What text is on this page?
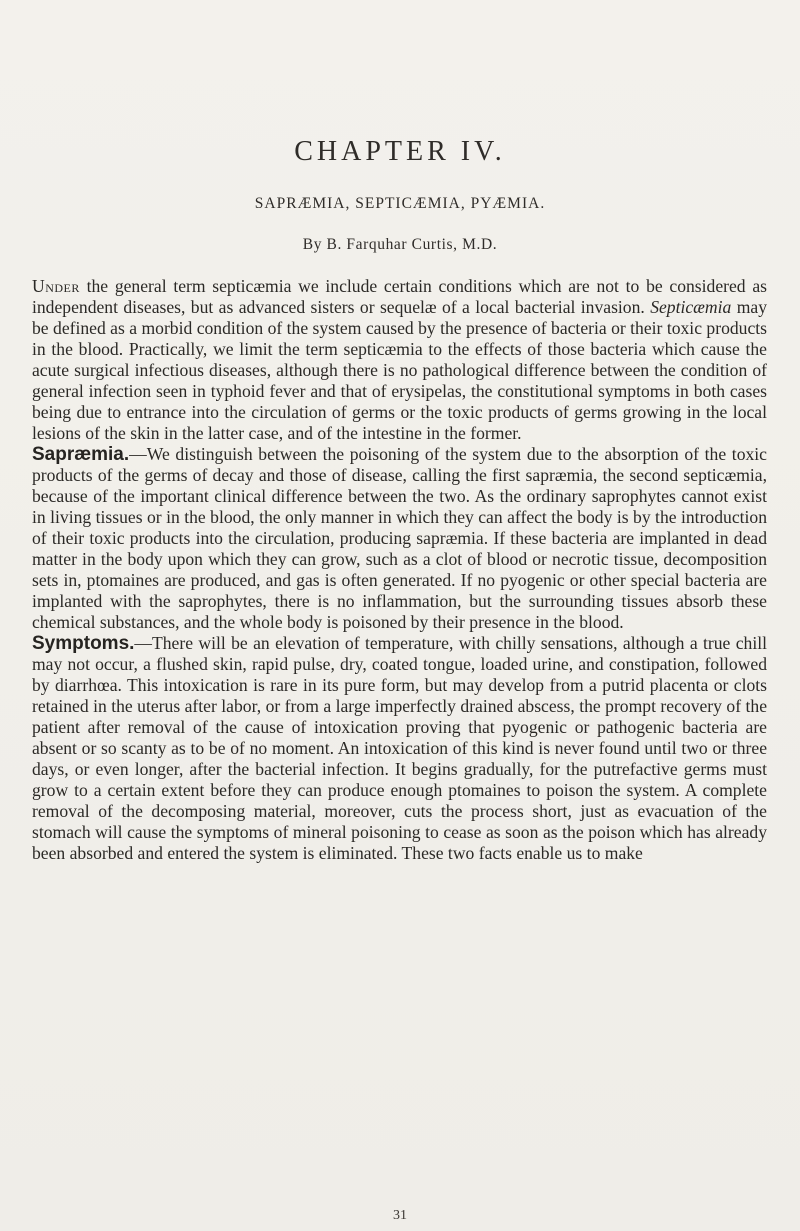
CHAPTER IV.
SAPRÆMIA, SEPTICÆMIA, PYÆMIA.
By B. Farquhar Curtis, M.D.

Under the general term septicæmia we include certain conditions which are not to be considered as independent diseases, but as advanced sisters or sequelæ of a local bacterial invasion. Septicæmia may be defined as a morbid condition of the system caused by the presence of bacteria or their toxic products in the blood. Practically, we limit the term septicæmia to the effects of those bacteria which cause the acute surgical infectious diseases, although there is no pathological difference between the condition of general infection seen in typhoid fever and that of erysipelas, the constitutional symptoms in both cases being due to entrance into the circulation of germs or the toxic products of germs growing in the local lesions of the skin in the latter case, and of the intestine in the former.

Sapræmia.—We distinguish between the poisoning of the system due to the absorption of the toxic products of the germs of decay and those of disease, calling the first sapræmia, the second septicæmia, because of the important clinical difference between the two. As the ordinary saprophytes cannot exist in living tissues or in the blood, the only manner in which they can affect the body is by the introduction of their toxic products into the circulation, producing sapræmia. If these bacteria are implanted in dead matter in the body upon which they can grow, such as a clot of blood or necrotic tissue, decomposition sets in, ptomaines are produced, and gas is often generated. If no pyogenic or other special bacteria are implanted with the saprophytes, there is no inflammation, but the surrounding tissues absorb these chemical substances, and the whole body is poisoned by their presence in the blood.

Symptoms.—There will be an elevation of temperature, with chilly sensations, although a true chill may not occur, a flushed skin, rapid pulse, dry, coated tongue, loaded urine, and constipation, followed by diarrhœa. This intoxication is rare in its pure form, but may develop from a putrid placenta or clots retained in the uterus after labor, or from a large imperfectly drained abscess, the prompt recovery of the patient after removal of the cause of intoxication proving that pyogenic or pathogenic bacteria are absent or so scanty as to be of no moment. An intoxication of this kind is never found until two or three days, or even longer, after the bacterial infection. It begins gradually, for the putrefactive germs must grow to a certain extent before they can produce enough ptomaines to poison the system. A complete removal of the decomposing material, moreover, cuts the process short, just as evacuation of the stomach will cause the symptoms of mineral poisoning to cease as soon as the poison which has already been absorbed and entered the system is eliminated. These two facts enable us to make

31
